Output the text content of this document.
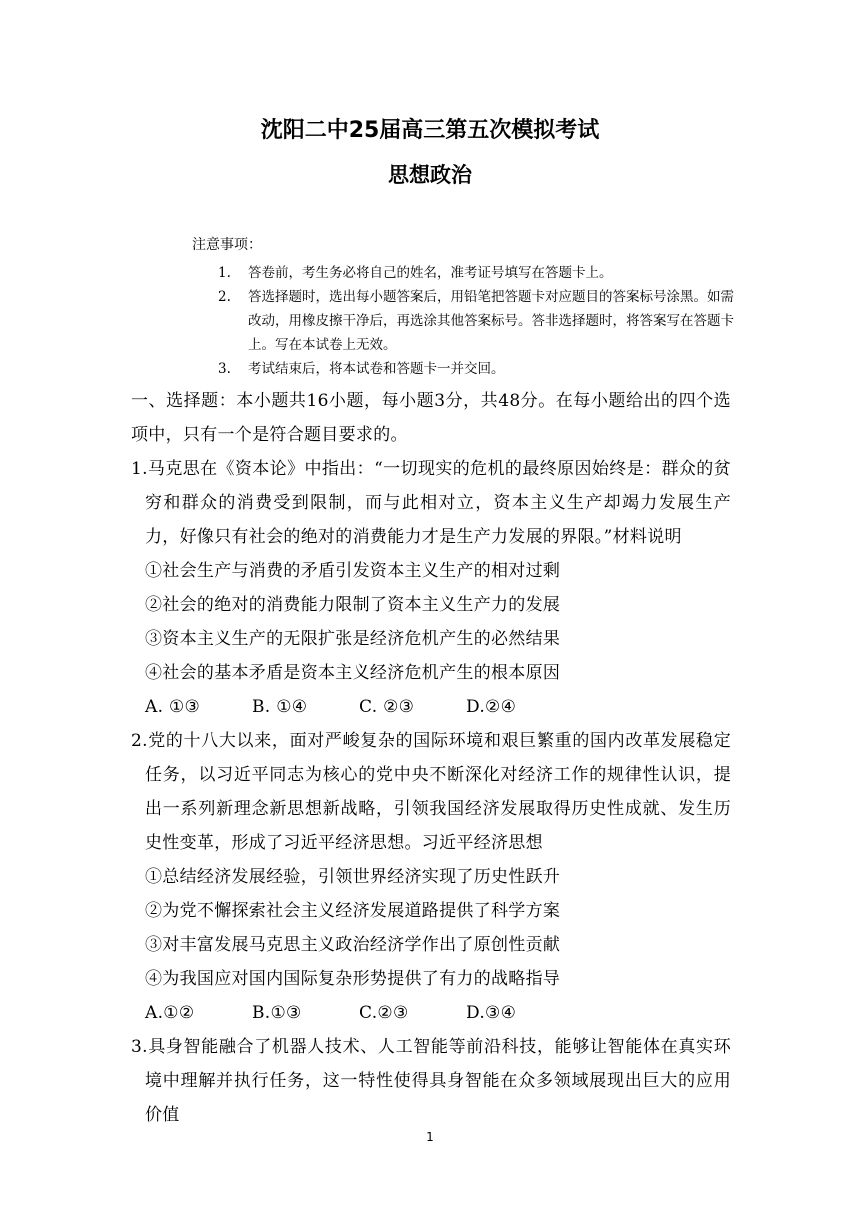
沈阳二中25届高三第五次模拟考试
思想政治
注意事项：
1. 答卷前，考生务必将自己的姓名，准考证号填写在答题卡上。
2. 答选择题时，选出每小题答案后，用铅笔把答题卡对应题目的答案标号涂黑。如需改动，用橡皮擦干净后，再选涂其他答案标号。答非选择题时，将答案写在答题卡上。写在本试卷上无效。
3. 考试结束后，将本试卷和答题卡一并交回。
一、选择题：本小题共16小题，每小题3分，共48分。在每小题给出的四个选项中，只有一个是符合题目要求的。
1.马克思在《资本论》中指出：“一切现实的危机的最终原因始终是：群众的贫穷和群众的消费受到限制，而与此相对立，资本主义生产却竭力发展生产力，好像只有社会的绝对的消费能力才是生产力发展的界限。”材料说明
①社会生产与消费的矛盾引发资本主义生产的相对过剩
②社会的绝对的消费能力限制了资本主义生产力的发展
③资本主义生产的无限扩张是经济危机产生的必然结果
④社会的基本矛盾是资本主义经济危机产生的根本原因
A. ①③	B. ①④	C. ②③	D.②④
2.党的十八大以来，面对严峻复杂的国际环境和艰巨繁重的国内改革发展稳定任务，以习近平同志为核心的党中央不断深化对经济工作的规律性认识，提出一系列新理念新思想新战略，引领我国经济发展取得历史性成就、发生历史性变革，形成了习近平经济思想。习近平经济思想
①总结经济发展经验，引领世界经济实现了历史性跃升
②为党不懈探索社会主义经济发展道路提供了科学方案
③对丰富发展马克思主义政治经济学作出了原创性贡献
④为我国应对国内国际复杂形势提供了有力的战略指导
A.①②	B.①③	C.②③	D.③④
3.具身智能融合了机器人技术、人工智能等前沿科技，能够让智能体在真实环境中理解并执行任务，这一特性使得具身智能在众多领域展现出巨大的应用价值
1
